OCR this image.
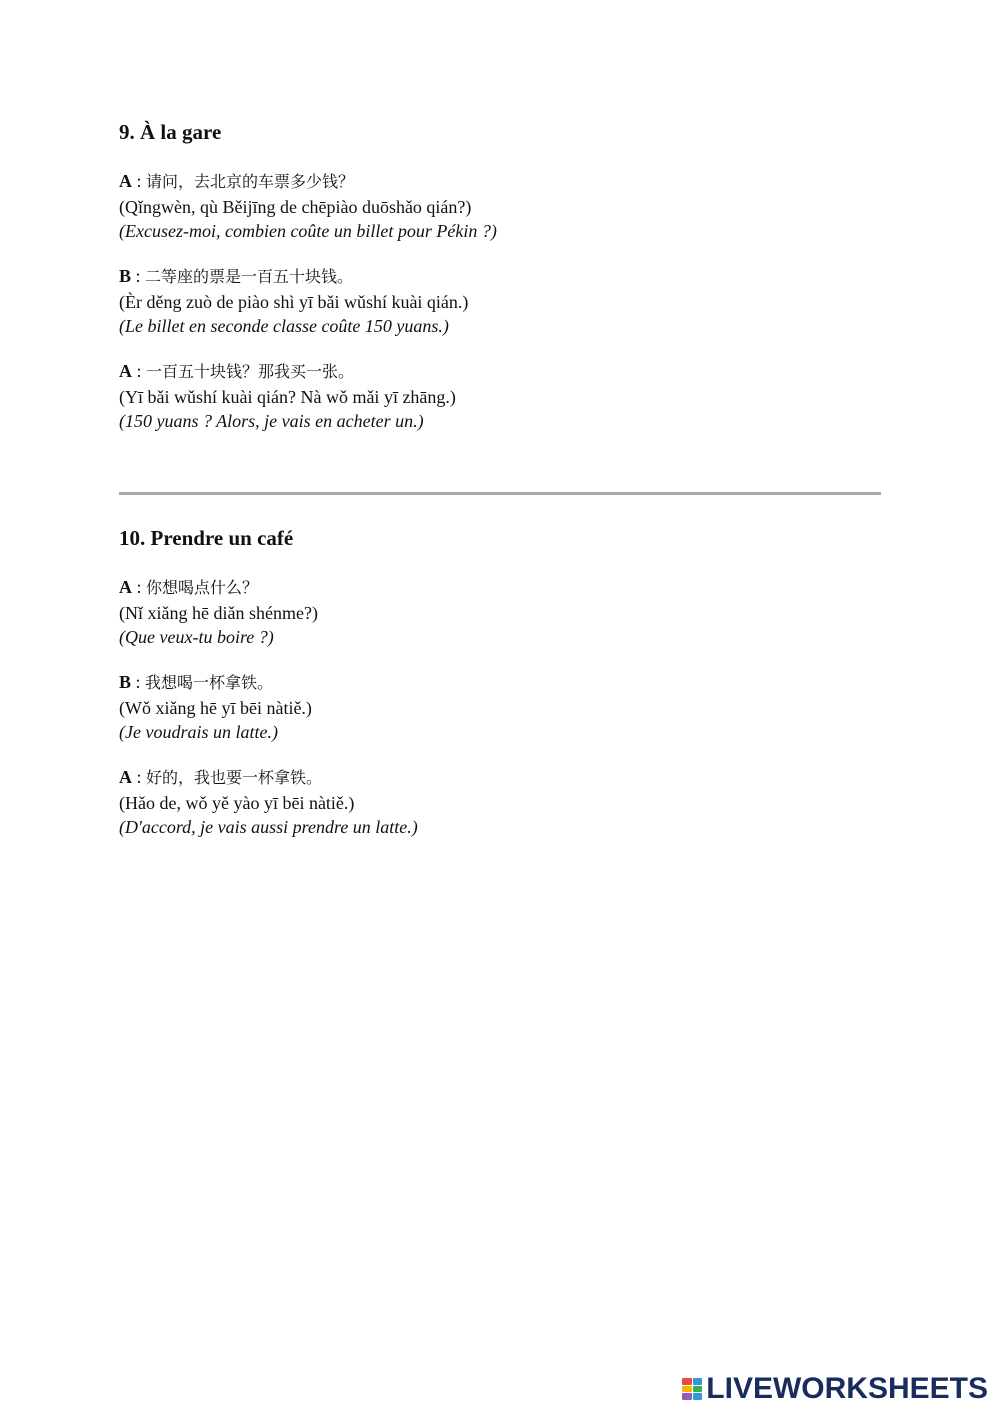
9. À la gare
A : 请问，去北京的车票多少钱？
(Qǐngwèn, qù Běijīng de chēpiào duōshǎo qián?)
(Excusez-moi, combien coûte un billet pour Pékin ?)
B : 二等座的票是一百五十块钱。
(Èr děng zuò de piào shì yī bǎi wǔshí kuài qián.)
(Le billet en seconde classe coûte 150 yuans.)
A : 一百五十块钱？那我买一张。
(Yī bǎi wǔshí kuài qián? Nà wǒ mǎi yī zhāng.)
(150 yuans ? Alors, je vais en acheter un.)
10. Prendre un café
A : 你想喝点什么？
(Nǐ xiǎng hē diǎn shénme?)
(Que veux-tu boire ?)
B : 我想喝一杯拿铁。
(Wǒ xiǎng hē yī bēi nàtiě.)
(Je voudrais un latte.)
A : 好的，我也要一杯拿铁。
(Hǎo de, wǒ yě yào yī bēi nàtiě.)
(D'accord, je vais aussi prendre un latte.)
LIVEWORKSHEETS
